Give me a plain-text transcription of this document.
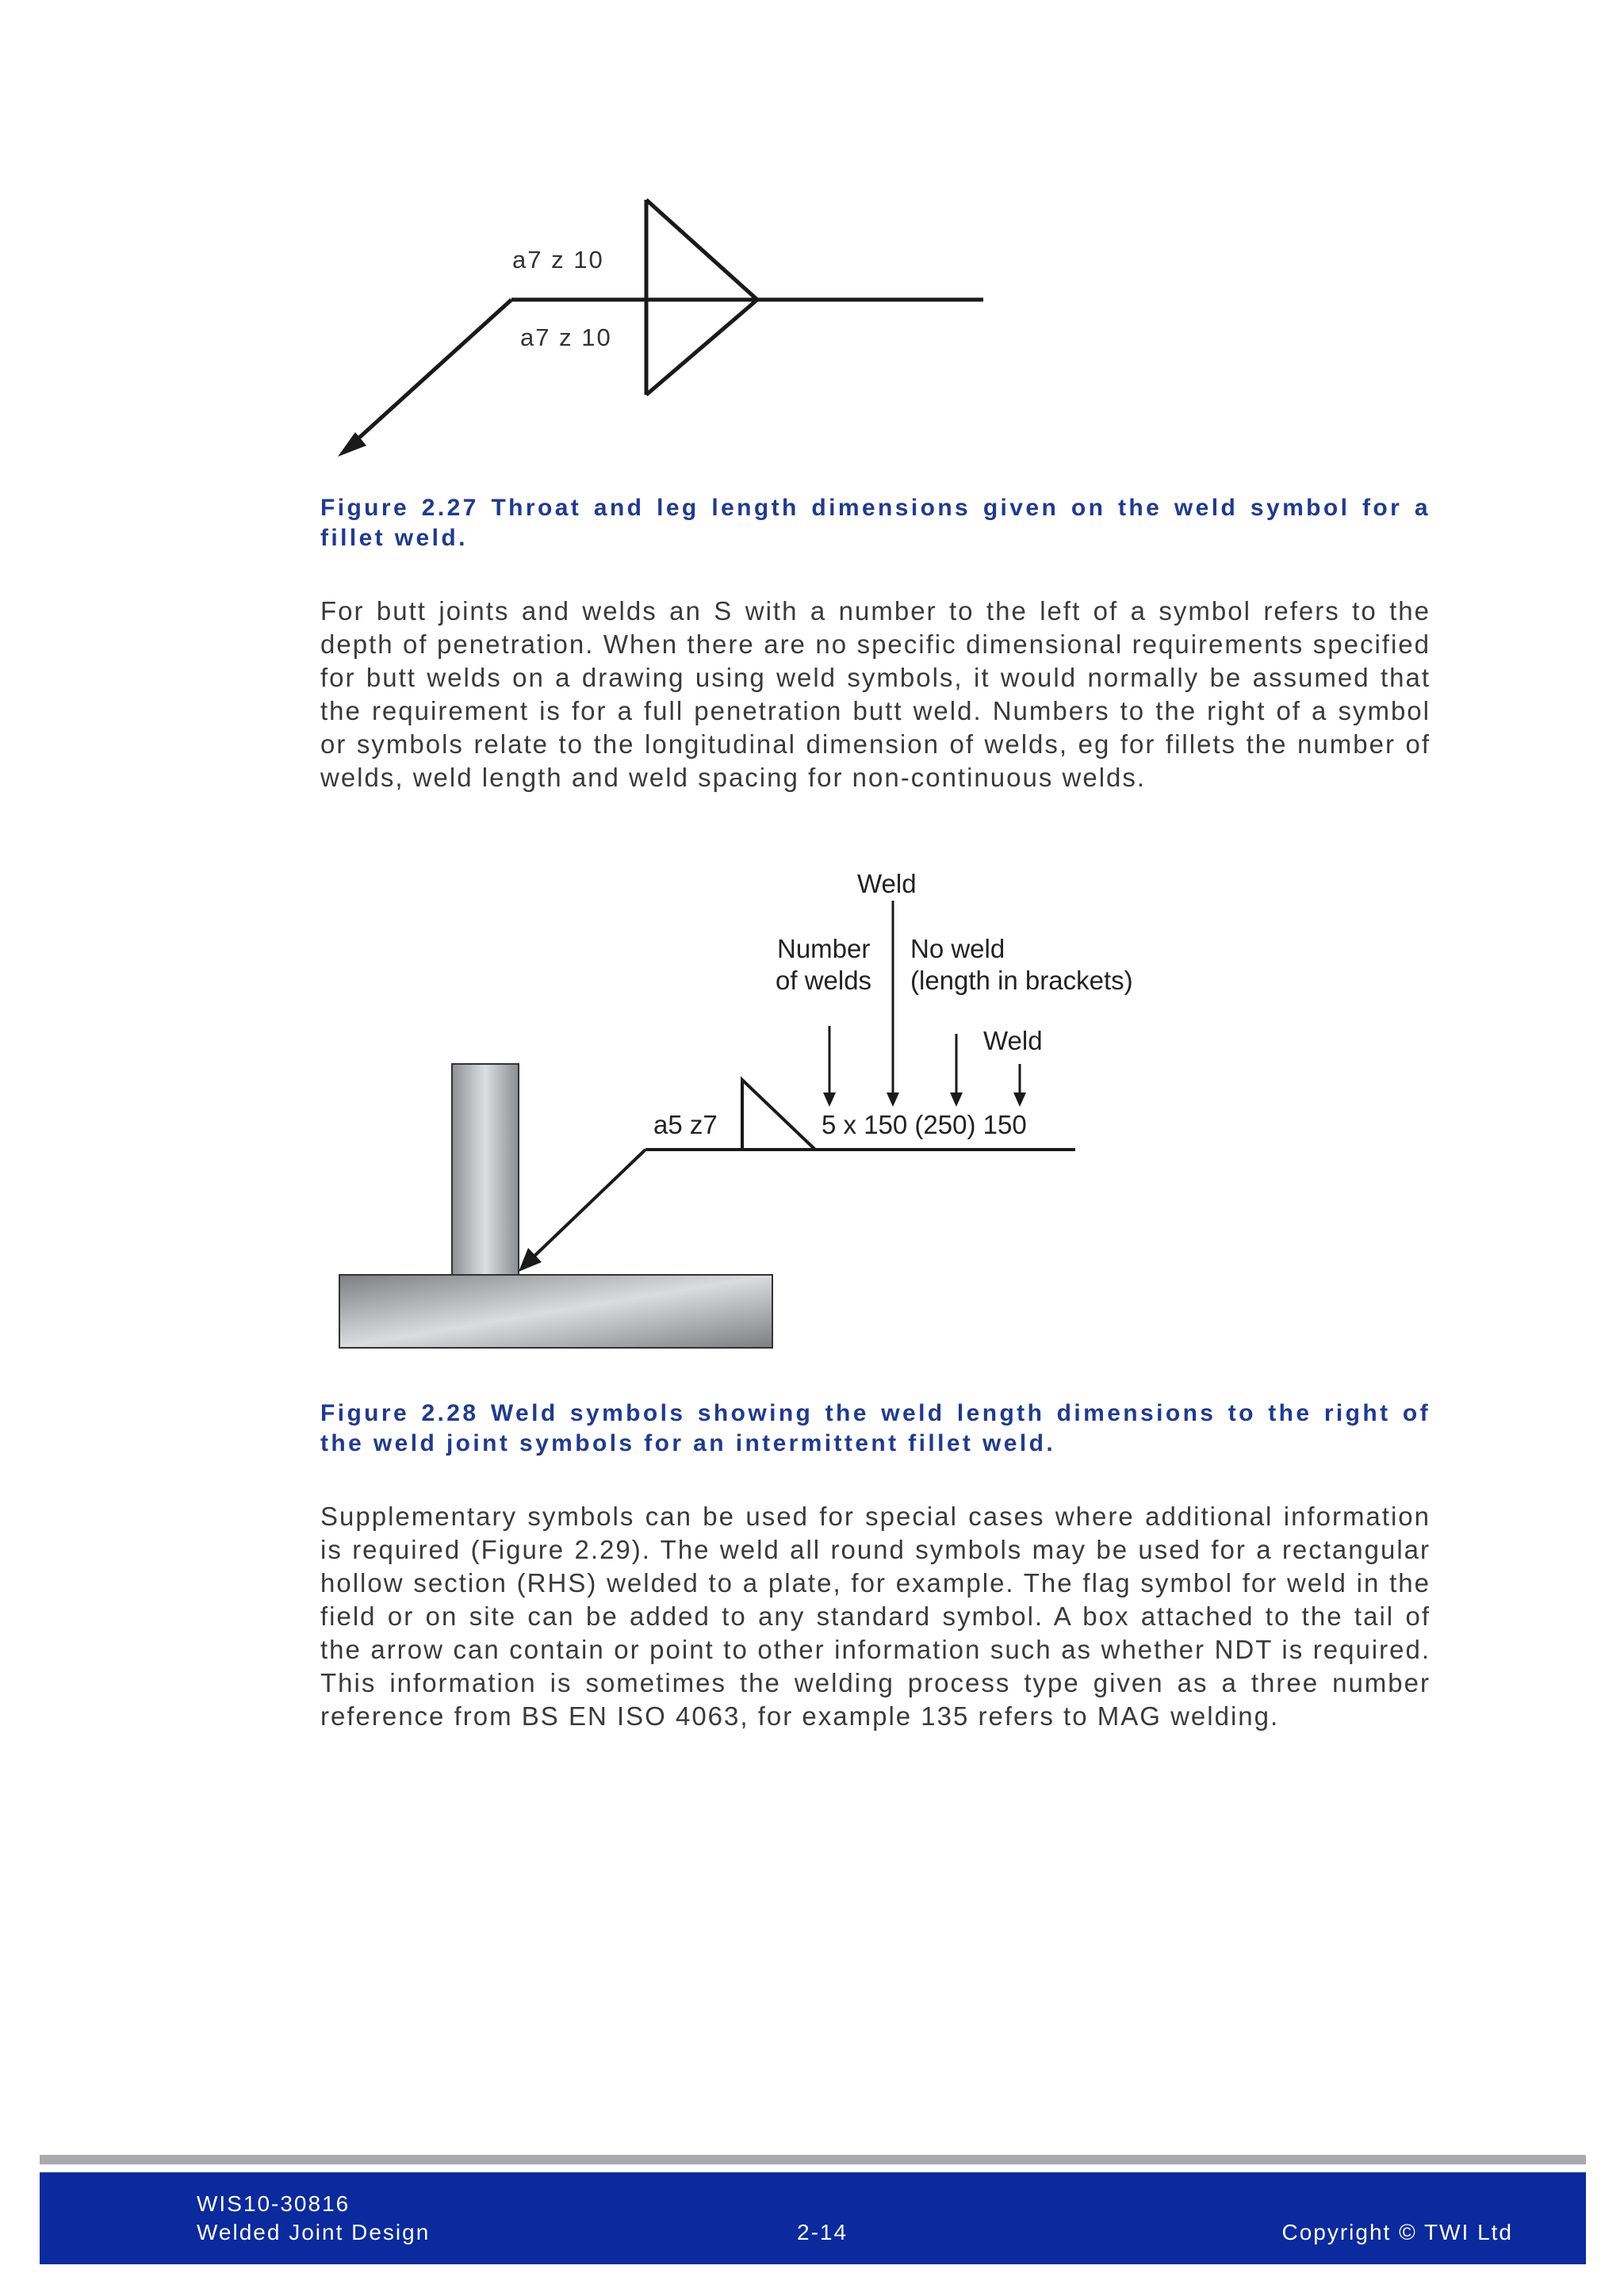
a7 z 10
a7 z 10

Figure 2.27 Throat and leg length dimensions given on the weld symbol for a fillet weld.

For butt joints and welds an S with a number to the left of a symbol refers to the depth of penetration. When there are no specific dimensional requirements specified for butt welds on a drawing using weld symbols, it would normally be assumed that the requirement is for a full penetration butt weld. Numbers to the right of a symbol or symbols relate to the longitudinal dimension of welds, eg for fillets the number of welds, weld length and weld spacing for non-continuous welds.

Weld
Number
of welds
No weld
(length in brackets)
Weld
a5 z7	5 x 150 (250) 150

Figure 2.28 Weld symbols showing the weld length dimensions to the right of the weld joint symbols for an intermittent fillet weld.

Supplementary symbols can be used for special cases where additional information is required (Figure 2.29). The weld all round symbols may be used for a rectangular hollow section (RHS) welded to a plate, for example. The flag symbol for weld in the field or on site can be added to any standard symbol. A box attached to the tail of the arrow can contain or point to other information such as whether NDT is required. This information is sometimes the welding process type given as a three number reference from BS EN ISO 4063, for example 135 refers to MAG welding.

WIS10-30816
Welded Joint Design	2-14	Copyright © TWI Ltd
